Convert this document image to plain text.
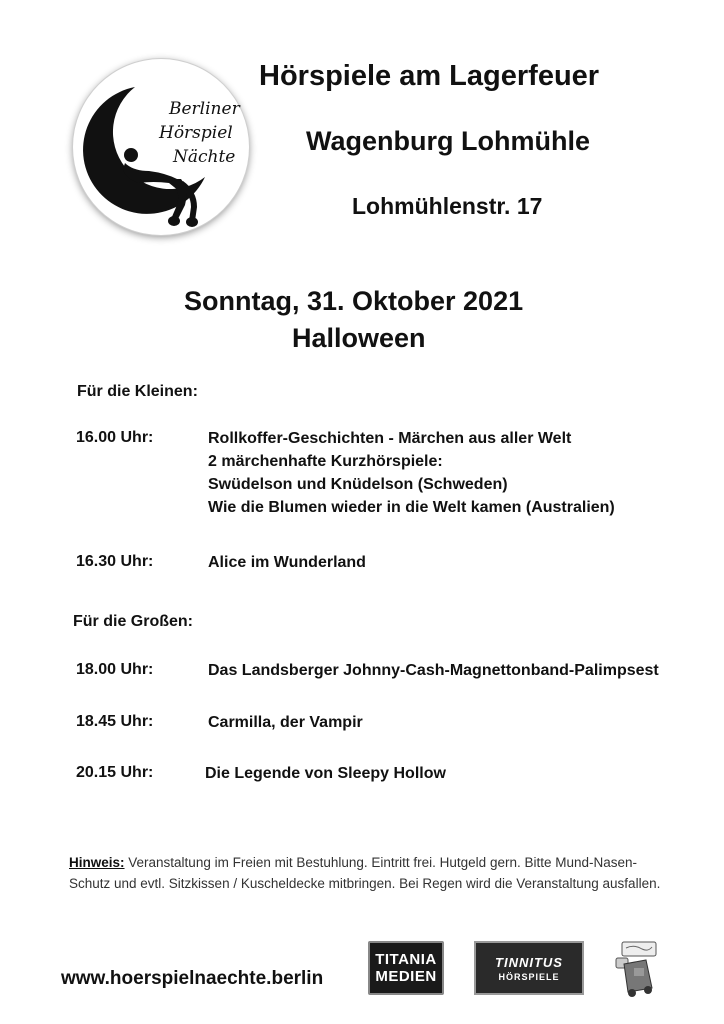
Berliner
Hörspiel
Nächte
Hörspiele am Lagerfeuer
Wagenburg Lohmühle
Lohmühlenstr. 17
Sonntag, 31. Oktober 2021
Halloween
Für die Kleinen:
16.00 Uhr:	Rollkoffer-Geschichten - Märchen aus aller Welt
2 märchenhafte Kurzhörspiele:
Swüdelson und Knüdelson (Schweden)
Wie die Blumen wieder in die Welt kamen (Australien)
16.30 Uhr:	Alice im Wunderland
Für die Großen:
18.00 Uhr:	Das Landsberger Johnny-Cash-Magnettonband-Palimpsest
18.45 Uhr:	Carmilla, der Vampir
20.15 Uhr:	Die Legende von Sleepy Hollow
Hinweis: Veranstaltung im Freien mit Bestuhlung. Eintritt frei. Hutgeld gern. Bitte Mund-Nasen-Schutz und evtl. Sitzkissen / Kuscheldecke mitbringen. Bei Regen wird die Veranstaltung ausfallen.
www.hoerspielnaechte.berlin
TITANIA
MEDIEN
TINNITUS
HÖRSPIELE
